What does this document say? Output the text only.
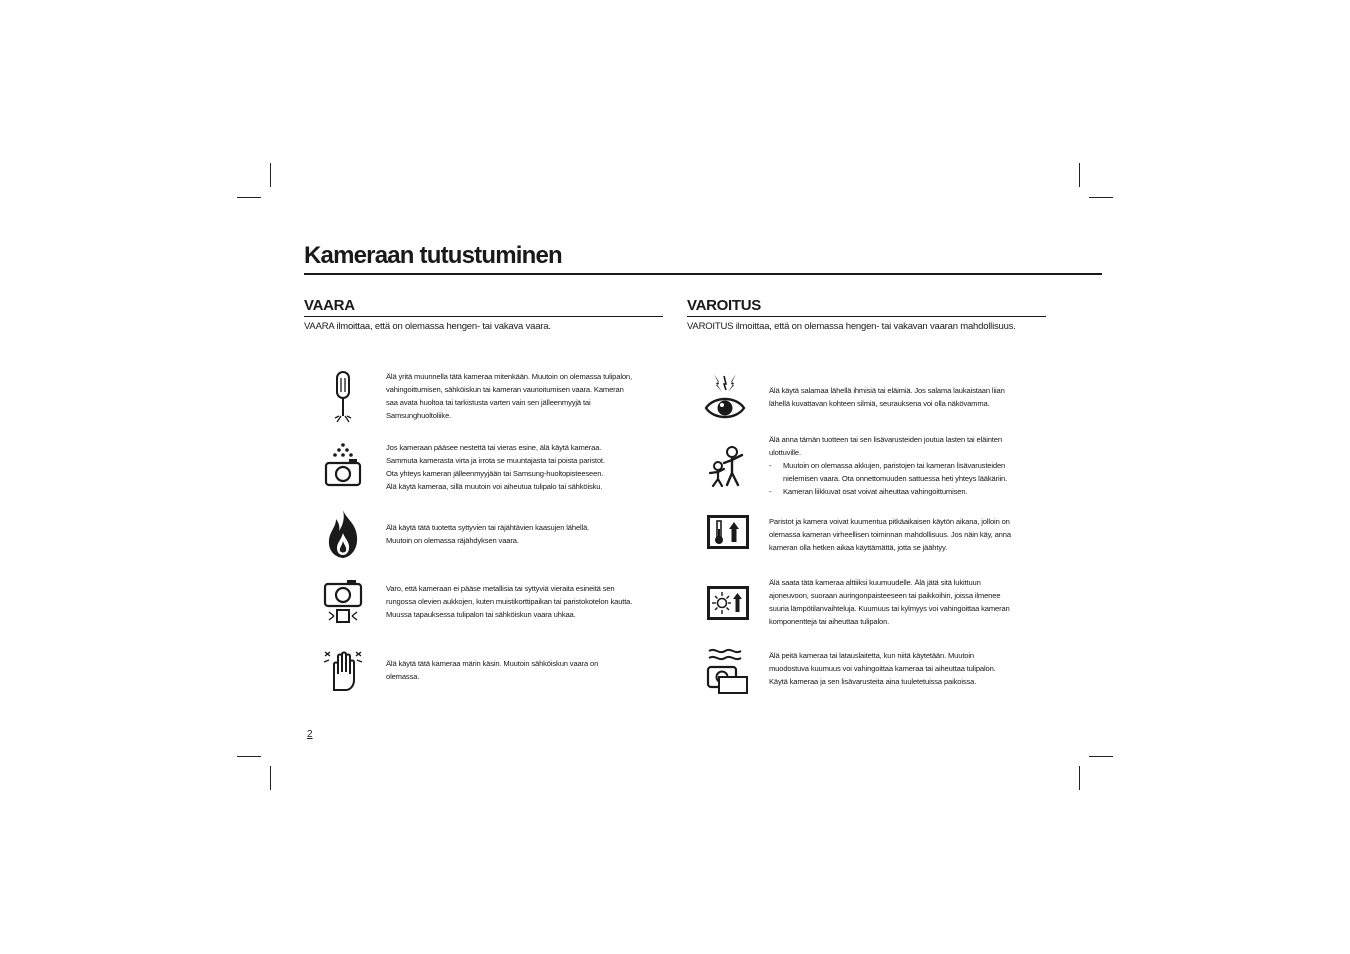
Kameraan tutustuminen
VAARA

VAARA ilmoittaa, että on olemassa hengen- tai vakava vaara.

Älä yritä muunnella tätä kameraa mitenkään. Muutoin on olemassa tulipalon,

vahingoittumisen, sähköiskun tai kameran vaurioitumisen vaara. Kameran

saa avata huoltoa tai tarkistusta varten vain sen jälleenmyyjä tai

Samsunghuoltoliike.

Jos kameraan pääsee nestettä tai vieras esine, älä käytä kameraa.

Sammuta kamerasta virta ja irrota se muuntajasta tai poista paristot.

Ota yhteys kameran jälleenmyyjään tai Samsung-huoltopisteeseen.

Älä käytä kameraa, sillä muutoin voi aiheutua tulipalo tai sähköisku.

Älä käytä tätä tuotetta syttyvien tai räjähtävien kaasujen lähellä.

Muutoin on olemassa räjähdyksen vaara.

Varo, että kameraan ei pääse metallisia tai syttyviä vieraita esineitä sen

rungossa olevien aukkojen, kuten muistikorttipaikan tai paristokotelon kautta.

Muussa tapauksessa tulipalon tai sähköiskun vaara uhkaa.

Älä käytä tätä kameraa märin käsin. Muutoin sähköiskun vaara on

olemassa.

VAROITUS

VAROITUS ilmoittaa, että on olemassa hengen- tai vakavan vaaran mahdollisuus.

Älä käytä salamaa lähellä ihmisiä tai eläimiä. Jos salama laukaistaan liian

lähellä kuvattavan kohteen silmiä, seurauksena voi olla näkövamma.

Älä anna tämän tuotteen tai sen lisävarusteiden joutua lasten tai eläinten

ulottuville.

- Muutoin on olemassa akkujen, paristojen tai kameran lisävarusteiden

nielemisen vaara. Ota onnettomuuden sattuessa heti yhteys lääkäriin.

- Kameran liikkuvat osat voivat aiheuttaa vahingoittumisen.

Paristot ja kamera voivat kuumentua pitkäaikaisen käytön aikana, jolloin on

olemassa kameran virheellisen toiminnan mahdollisuus. Jos näin käy, anna

kameran olla hetken aikaa käyttämättä, jotta se jäähtyy.

Älä saata tätä kameraa alttiiksi kuumuudelle. Älä jätä sitä lukittuun

ajoneuvoon, suoraan auringonpaisteeseen tai paikkoihin, joissa ilmenee

suuria lämpötilanvaihteluja. Kuumuus tai kylmyys voi vahingoittaa kameran

komponentteja tai aiheuttaa tulipalon.

Älä peitä kameraa tai latauslaitetta, kun niitä käytetään. Muutoin

muodostuva kuumuus voi vahingoittaa kameraa tai aiheuttaa tulipalon.

Käytä kameraa ja sen lisävarusteita aina tuuletetuissa paikoissa.

2
